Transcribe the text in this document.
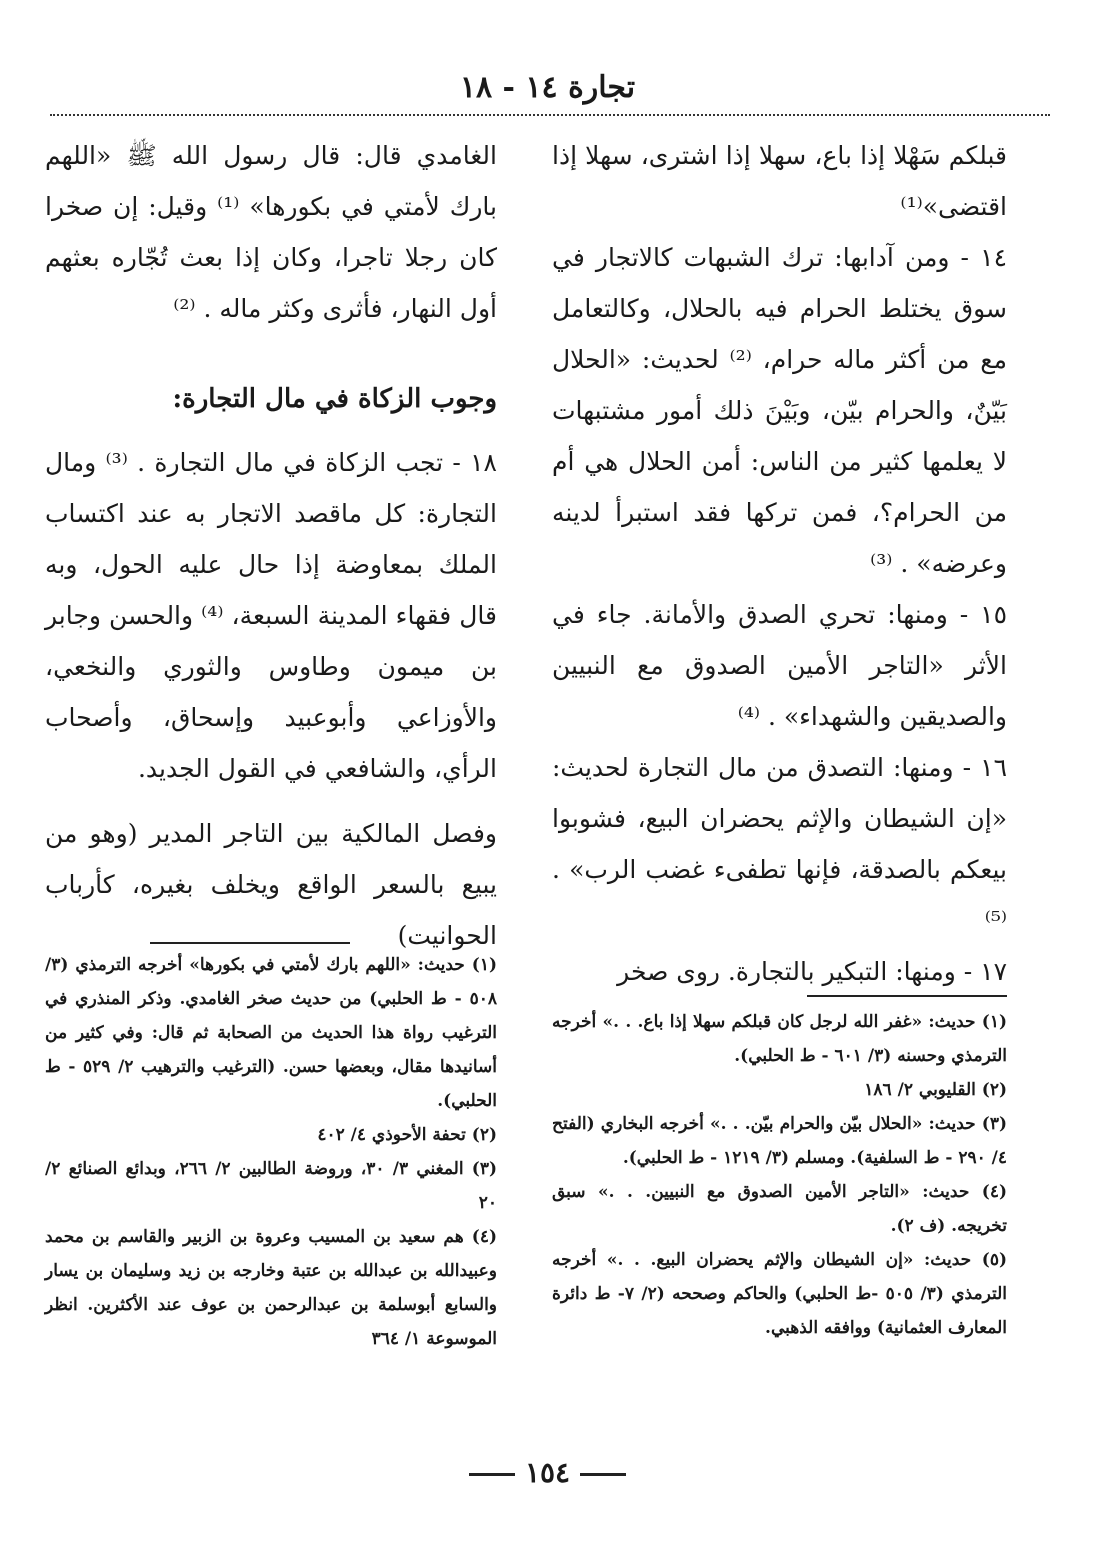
تجارة ١٤ - ١٨

قبلكم سَهْلا إذا باع، سهلا إذا اشترى، سهلا إذا اقتضى»⁽¹⁾

١٤ - ومن آدابها: ترك الشبهات كالاتجار في سوق يختلط الحرام فيه بالحلال، وكالتعامل مع من أكثر ماله حرام، ⁽²⁾ لحديث: «الحلال بَيّنٌ، والحرام بيّن، وبَيْنَ ذلك أمور مشتبهات لا يعلمها كثير من الناس: أمن الحلال هي أم من الحرام؟، فمن تركها فقد استبرأ لدينه وعرضه» . ⁽³⁾

١٥ - ومنها: تحري الصدق والأمانة. جاء في الأثر «التاجر الأمين الصدوق مع النبيين والصديقين والشهداء» . ⁽⁴⁾

١٦ - ومنها: التصدق من مال التجارة لحديث: «إن الشيطان والإثم يحضران البيع، فشوبوا بيعكم بالصدقة، فإنها تطفىء غضب الرب» . ⁽⁵⁾

١٧ - ومنها: التبكير بالتجارة. روى صخر

(١) حديث: «غفر الله لرجل كان قبلكم سهلا إذا باع. . .» أخرجه الترمذي وحسنه (٣/ ٦٠١ - ط الحلبي).

(٢) القليوبي ٢/ ١٨٦

(٣) حديث: «الحلال بيّن والحرام بيّن. . .» أخرجه البخاري (الفتح ٤/ ٢٩٠ - ط السلفية). ومسلم (٣/ ١٢١٩ - ط الحلبي).

(٤) حديث: «التاجر الأمين الصدوق مع النبيين. . .» سبق تخريجه. (ف ٢).

(٥) حديث: «إن الشيطان والإثم يحضران البيع. . .» أخرجه الترمذي (٣/ ٥٠٥ -ط الحلبي) والحاكم وصححه (٢/ ٧- ط دائرة المعارف العثمانية) ووافقه الذهبي.

الغامدي قال: قال رسول الله ﷺ «اللهم بارك لأمتي في بكورها» ⁽¹⁾ وقيل: إن صخرا كان رجلا تاجرا، وكان إذا بعث تُجّاره بعثهم أول النهار، فأثرى وكثر ماله . ⁽²⁾

وجوب الزكاة في مال التجارة:

١٨ - تجب الزكاة في مال التجارة . ⁽³⁾ ومال التجارة: كل ماقصد الاتجار به عند اكتساب الملك بمعاوضة إذا حال عليه الحول، وبه قال فقهاء المدينة السبعة، ⁽⁴⁾ والحسن وجابر بن ميمون وطاوس والثوري والنخعي، والأوزاعي وأبوعبيد وإسحاق، وأصحاب الرأي، والشافعي في القول الجديد.

وفصل المالكية بين التاجر المدير (وهو من يبيع بالسعر الواقع ويخلف بغيره، كأرباب الحوانيت)

(١) حديث: «اللهم بارك لأمتي في بكورها» أخرجه الترمذي (٣/ ٥٠٨ - ط الحلبي) من حديث صخر الغامدي. وذكر المنذري في الترغيب رواة هذا الحديث من الصحابة ثم قال: وفي كثير من أسانيدها مقال، وبعضها حسن. (الترغيب والترهيب ٢/ ٥٢٩ - ط الحلبي).

(٢) تحفة الأحوذي ٤/ ٤٠٢

(٣) المغني ٣/ ٣٠، وروضة الطالبين ٢/ ٢٦٦، وبدائع الصنائع ٢/ ٢٠

(٤) هم سعيد بن المسيب وعروة بن الزبير والقاسم بن محمد وعبيدالله بن عبدالله بن عتبة وخارجه بن زيد وسليمان بن يسار والسابع أبوسلمة بن عبدالرحمن بن عوف عند الأكثرين. انظر الموسوعة ١/ ٣٦٤

١٥٤
